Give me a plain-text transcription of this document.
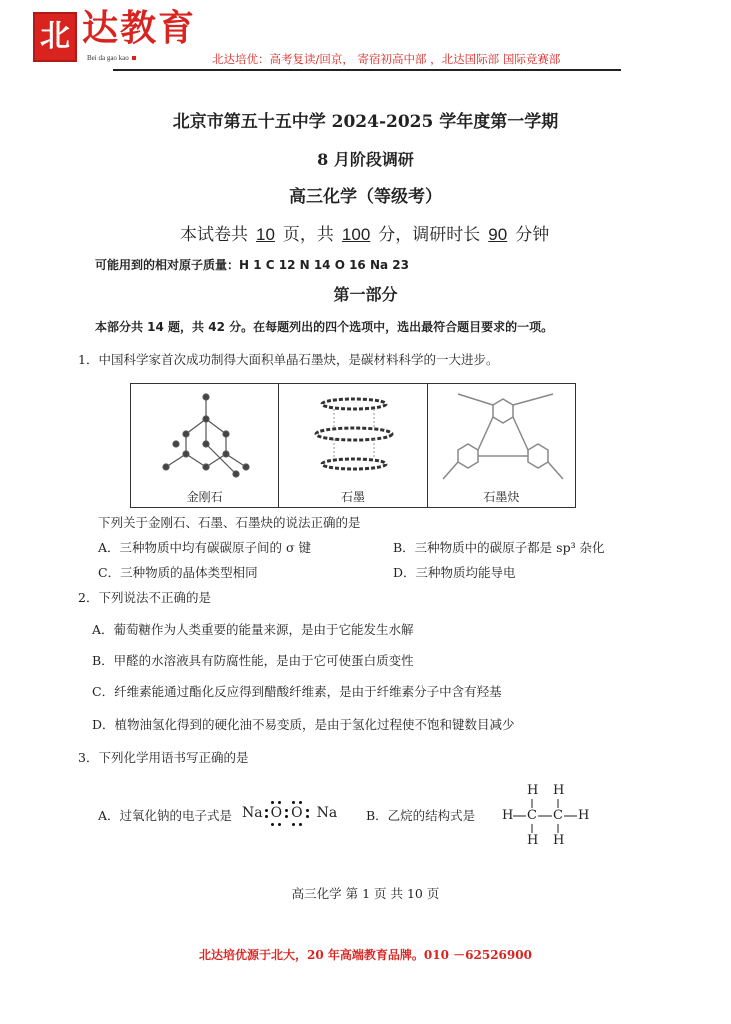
北 达教育
Bei da gao kao	北达培优：高考复读/回京， 寄宿初高中部 ，北达国际部 国际竞赛部
北京市第五十五中学 2024-2025 学年度第一学期
8 月阶段调研
高三化学（等级考）
本试卷共 10 页，共 100 分，调研时长 90 分钟
可能用到的相对原子质量：H 1 C 12 N 14 O 16 Na 23
第一部分
本部分共 14 题，共 42 分。在每题列出的四个选项中，选出最符合题目要求的一项。
1．中国科学家首次成功制得大面积单晶石墨炔，是碳材料科学的一大进步。
金刚石	石墨	石墨炔
下列关于金刚石、石墨、石墨炔的说法正确的是
A．三种物质中均有碳碳原子间的 σ 键	B．三种物质中的碳原子都是 sp³ 杂化
C．三种物质的晶体类型相同	D．三种物质均能导电
2．下列说法不正确的是
A．葡萄糖作为人类重要的能量来源，是由于它能发生水解
B．甲醛的水溶液具有防腐性能，是由于它可使蛋白质变性
C．纤维素能通过酯化反应得到醋酸纤维素，是由于纤维素分子中含有羟基
D．植物油氢化得到的硬化油不易变质，是由于氢化过程使不饱和键数目减少
3．下列化学用语书写正确的是
A．过氧化钠的电子式是 Na O O Na B．乙烷的结构式是
H H
H C C H
H H
高三化学 第 1 页 共 10 页
北达培优源于北大，20 年高端教育品牌。010 －62526900
